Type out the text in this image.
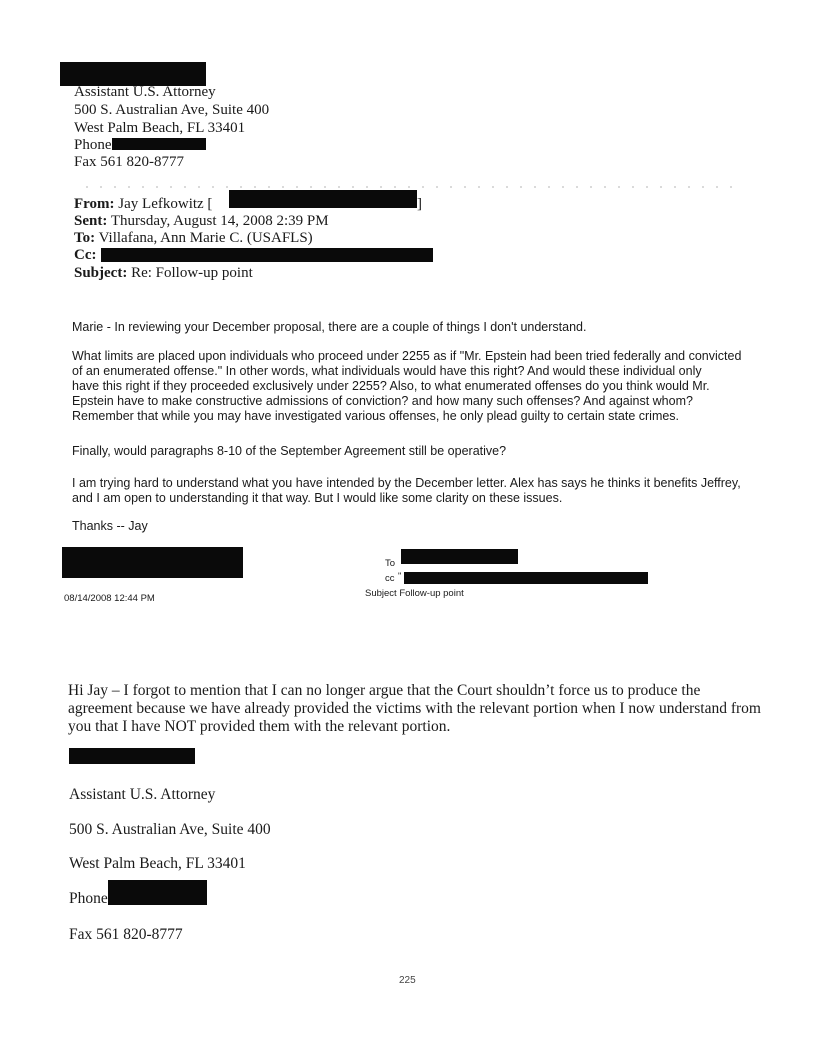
Assistant U.S. Attorney
500 S. Australian Ave, Suite 400
West Palm Beach, FL 33401
Phone
Fax 561 820-8777
From: Jay Lefkowitz [	]
Sent: Thursday, August 14, 2008 2:39 PM
To: Villafana, Ann Marie C. (USAFLS)
Cc:
Subject: Re: Follow-up point
Marie - In reviewing your December proposal, there are a couple of things I don't understand.
What limits are placed upon individuals who proceed under 2255 as if "Mr. Epstein had been tried federally and convicted
of an enumerated offense." In other words, what individuals would have this right? And would these individual only
have this right if they proceeded exclusively under 2255? Also, to what enumerated offenses do you think would Mr.
Epstein have to make constructive admissions of conviction? and how many such offenses? And against whom?
Remember that while you may have investigated various offenses, he only plead guilty to certain state crimes.
Finally, would paragraphs 8-10 of the September Agreement still be operative?
I am trying hard to understand what you have intended by the December letter. Alex has says he thinks it benefits Jeffrey,
and I am open to understanding it that way. But I would like some clarity on these issues.
Thanks -- Jay
08/14/2008 12:44 PM
To
cc "
Subject Follow-up point
Hi Jay – I forgot to mention that I can no longer argue that the Court shouldn’t force us to produce the
agreement because we have already provided the victims with the relevant portion when I now understand from
you that I have NOT provided them with the relevant portion.
Assistant U.S. Attorney
500 S. Australian Ave, Suite 400
West Palm Beach, FL 33401
Phone
Fax 561 820-8777
225
